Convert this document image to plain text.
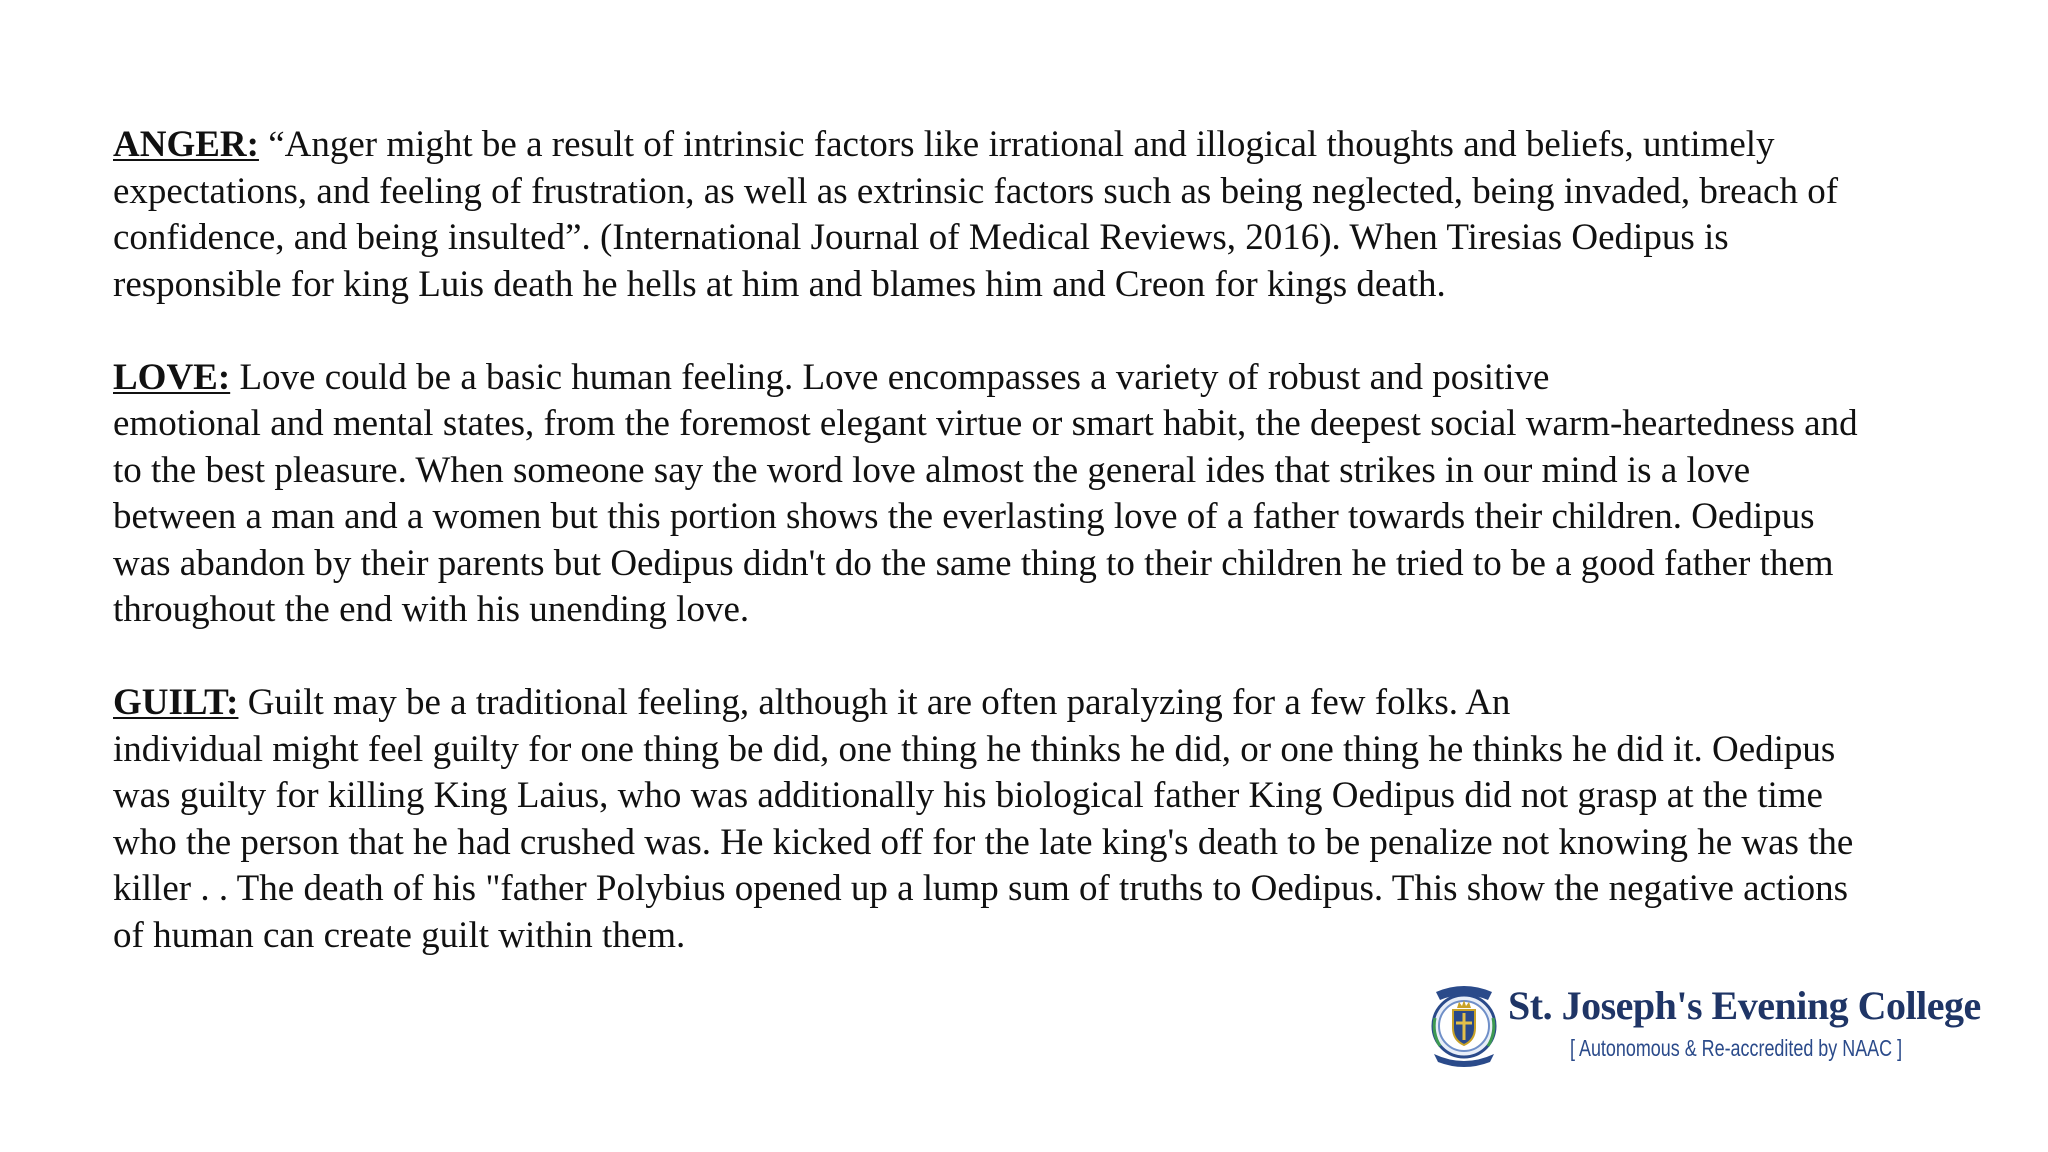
ANGER: “Anger might be a result of intrinsic factors like irrational and illogical thoughts and beliefs, untimely
expectations, and feeling of frustration, as well as extrinsic factors such as being neglected, being invaded, breach of
confidence, and being insulted”. (International Journal of Medical Reviews, 2016). When Tiresias Oedipus is
responsible for king Luis death he hells at him and blames him and Creon for kings death.

LOVE: Love could be a basic human feeling. Love encompasses a variety of robust and positive
emotional and mental states, from the foremost elegant virtue or smart habit, the deepest social warm-heartedness and
to the best pleasure. When someone say the word love almost the general ides that strikes in our mind is a love
between a man and a women but this portion shows the everlasting love of a father towards their children. Oedipus
was abandon by their parents but Oedipus didn't do the same thing to their children he tried to be a good father them
throughout the end with his unending love.

GUILT: Guilt may be a traditional feeling, although it are often paralyzing for a few folks. An
individual might feel guilty for one thing be did, one thing he thinks he did, or one thing he thinks he did it. Oedipus
was guilty for killing King Laius, who was additionally his biological father King Oedipus did not grasp at the time
who the person that he had crushed was. He kicked off for the late king's death to be penalize not knowing he was the
killer . . The death of his "father Polybius opened up a lump sum of truths to Oedipus. This show the negative actions
of human can create guilt within them.

St. Joseph's Evening College
[ Autonomous & Re-accredited by NAAC ]
